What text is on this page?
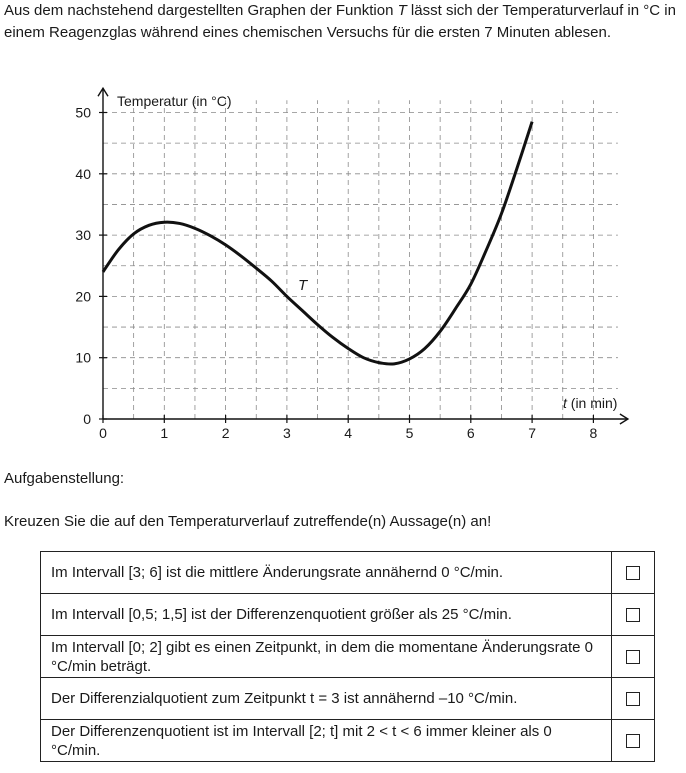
Aus dem nachstehend dargestellten Graphen der Funktion T lässt sich der Temperaturverlauf in °C in einem Reagenzglas während eines chemischen Versuchs für die ersten 7 Minuten ablesen.

0	1	2	3	4	5	6	7	8
0
10
20
30
40
50
Temperatur (in °C)
t (in min)
T

Aufgabenstellung:

Kreuzen Sie die auf den Temperaturverlauf zutreffende(n) Aussage(n) an!

Im Intervall [3; 6] ist die mittlere Änderungsrate annähernd 0 °C/min.	
Im Intervall [0,5; 1,5] ist der Differenzenquotient größer als 25 °C/min.	
Im Intervall [0; 2] gibt es einen Zeitpunkt, in dem die momentane Änderungsrate 0 °C/min beträgt.	
Der Differenzialquotient zum Zeitpunkt t = 3 ist annähernd –10 °C/min.	
Der Differenzenquotient ist im Intervall [2; t] mit 2 < t < 6 immer kleiner als 0 °C/min.	
